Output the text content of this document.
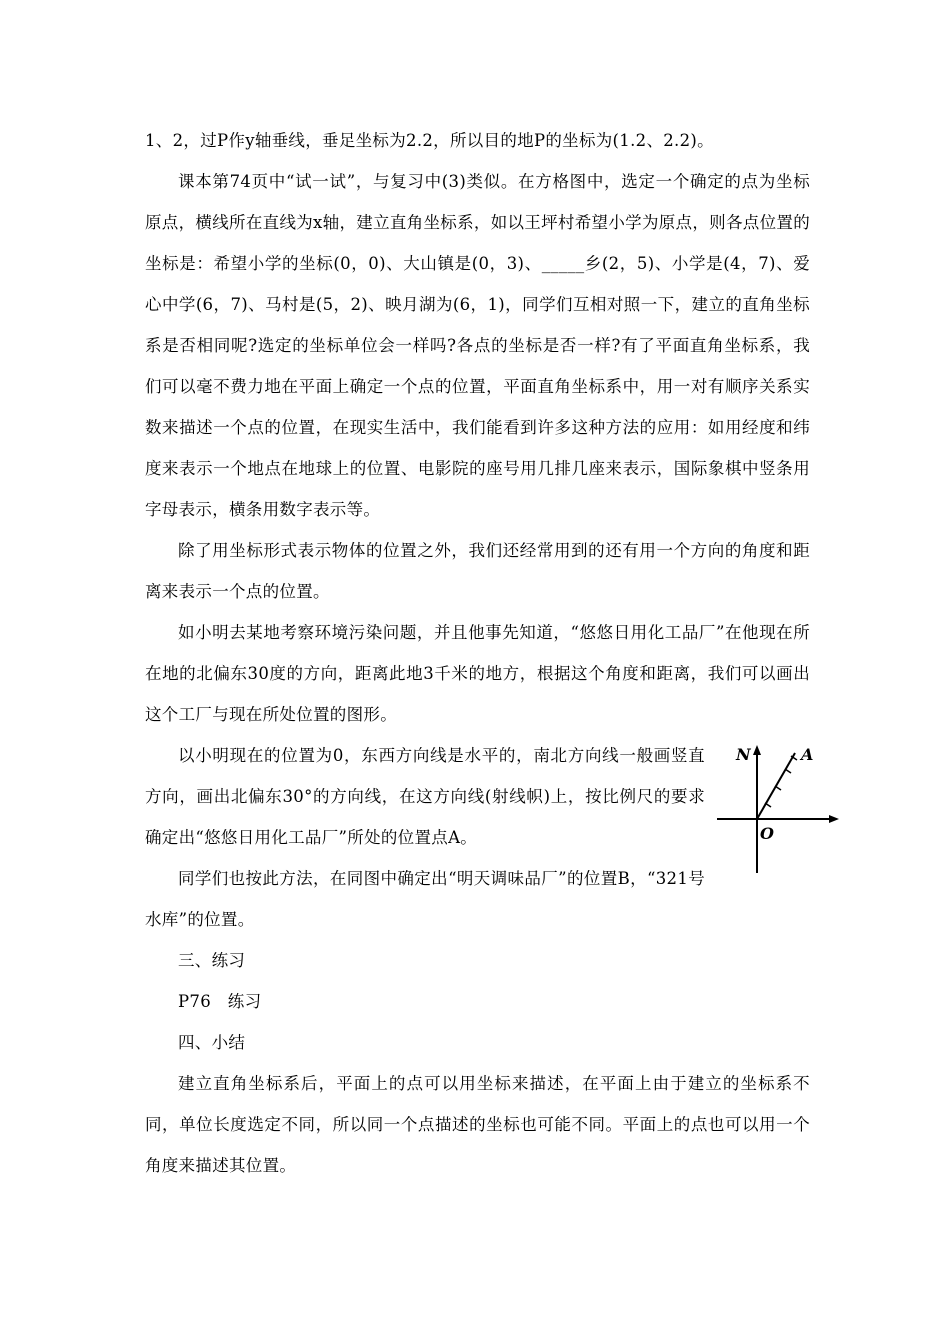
1、2，过P作y轴垂线，垂足坐标为2.2，所以目的地P的坐标为(1.2、2.2)。

课本第74页中“试一试”，与复习中(3)类似。在方格图中，选定一个确定的点为坐标原点，横线所在直线为x轴，建立直角坐标系，如以王坪村希望小学为原点，则各点位置的坐标是：希望小学的坐标(0，0)、大山镇是(0，3)、_____乡(2，5)、小学是(4，7)、爱心中学(6，7)、马村是(5，2)、映月湖为(6，1)，同学们互相对照一下，建立的直角坐标系是否相同呢?选定的坐标单位会一样吗?各点的坐标是否一样?有了平面直角坐标系，我们可以毫不费力地在平面上确定一个点的位置，平面直角坐标系中，用一对有顺序关系实数来描述一个点的位置，在现实生活中，我们能看到许多这种方法的应用：如用经度和纬度来表示一个地点在地球上的位置、电影院的座号用几排几座来表示，国际象棋中竖条用字母表示，横条用数字表示等。

除了用坐标形式表示物体的位置之外，我们还经常用到的还有用一个方向的角度和距离来表示一个点的位置。

如小明去某地考察环境污染问题，并且他事先知道，“悠悠日用化工品厂”在他现在所在地的北偏东30度的方向，距离此地3千米的地方，根据这个角度和距离，我们可以画出这个工厂与现在所处位置的图形。

以小明现在的位置为0，东西方向线是水平的，南北方向线一般画竖直方向，画出北偏东30°的方向线，在这方向线(射线帜)上，按比例尺的要求确定出“悠悠日用化工品厂”所处的位置点A。

同学们也按此方法，在同图中确定出“明天调味品厂”的位置B，“321号水库”的位置。

N	A
O

三、练习

P76　练习

四、小结

建立直角坐标系后，平面上的点可以用坐标来描述，在平面上由于建立的坐标系不同，单位长度选定不同，所以同一个点描述的坐标也可能不同。平面上的点也可以用一个角度来描述其位置。
